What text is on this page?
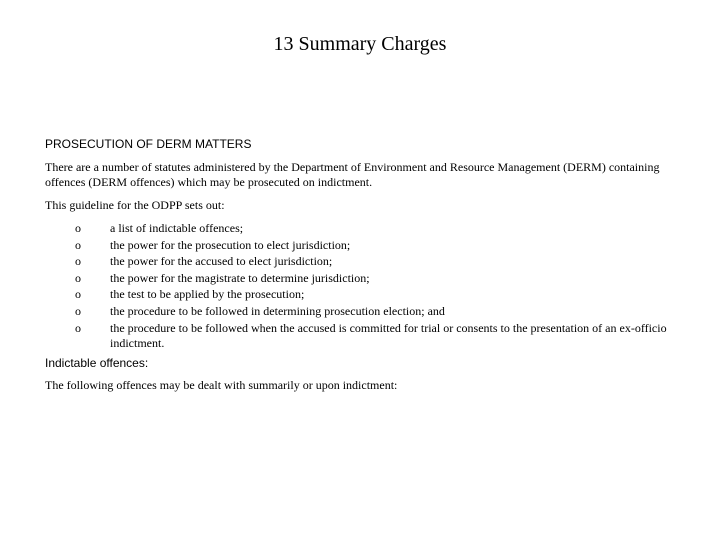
13 Summary Charges
PROSECUTION OF DERM MATTERS
There are a number of statutes administered by the Department of Environment and Resource Management (DERM) containing offences (DERM offences) which may be prosecuted on indictment.
This guideline for the ODPP sets out:
o a list of indictable offences;
o the power for the prosecution to elect jurisdiction;
o the power for the accused to elect jurisdiction;
o the power for the magistrate to determine jurisdiction;
o the test to be applied by the prosecution;
o the procedure to be followed in determining prosecution election; and
o the procedure to be followed when the accused is committed for trial or consents to the presentation of an ex-officio indictment.
Indictable offences:
The following offences may be dealt with summarily or upon indictment:
